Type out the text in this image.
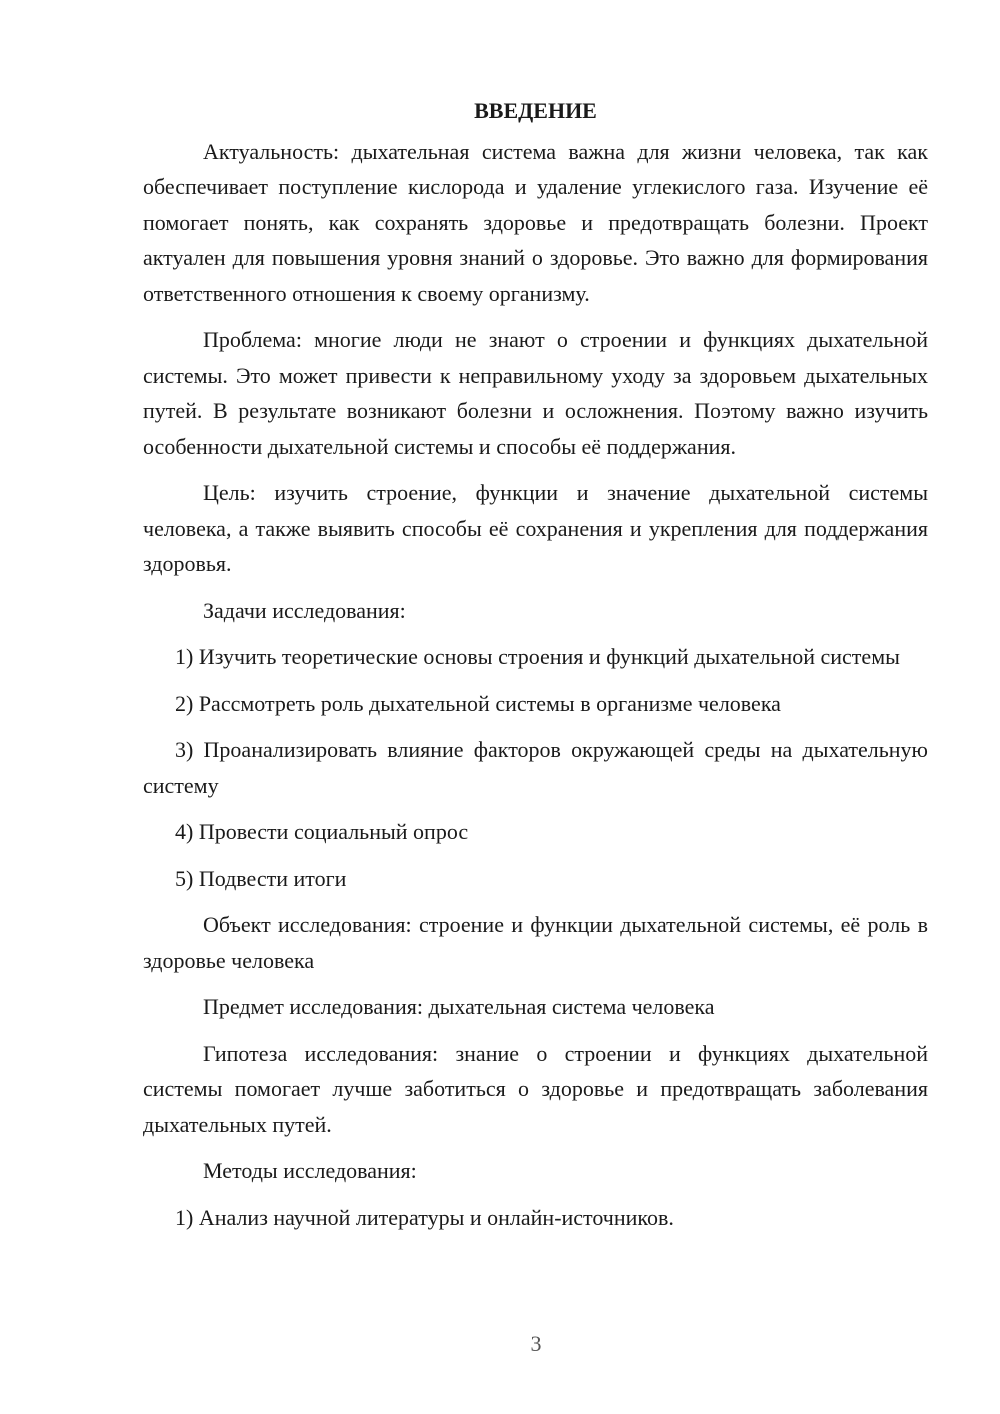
ВВЕДЕНИЕ

Актуальность: дыхательная система важна для жизни человека, так как обеспечивает поступление кислорода и удаление углекислого газа. Изучение её помогает понять, как сохранять здоровье и предотвращать болезни. Проект актуален для повышения уровня знаний о здоровье. Это важно для формирования ответственного отношения к своему организму.

Проблема: многие люди не знают о строении и функциях дыхательной системы. Это может привести к неправильному уходу за здоровьем дыхательных путей. В результате возникают болезни и осложнения. Поэтому важно изучить особенности дыхательной системы и способы её поддержания.

Цель: изучить строение, функции и значение дыхательной системы человека, а также выявить способы её сохранения и укрепления для поддержания здоровья.

Задачи исследования:

1) Изучить теоретические основы строения и функций дыхательной системы

2) Рассмотреть роль дыхательной системы в организме человека

3) Проанализировать влияние факторов окружающей среды на дыхательную систему

4) Провести социальный опрос

5) Подвести итоги

Объект исследования: строение и функции дыхательной системы, её роль в здоровье человека

Предмет исследования: дыхательная система человека

Гипотеза исследования: знание о строении и функциях дыхательной системы помогает лучше заботиться о здоровье и предотвращать заболевания дыхательных путей.

Методы исследования:

1) Анализ научной литературы и онлайн-источников.

3
